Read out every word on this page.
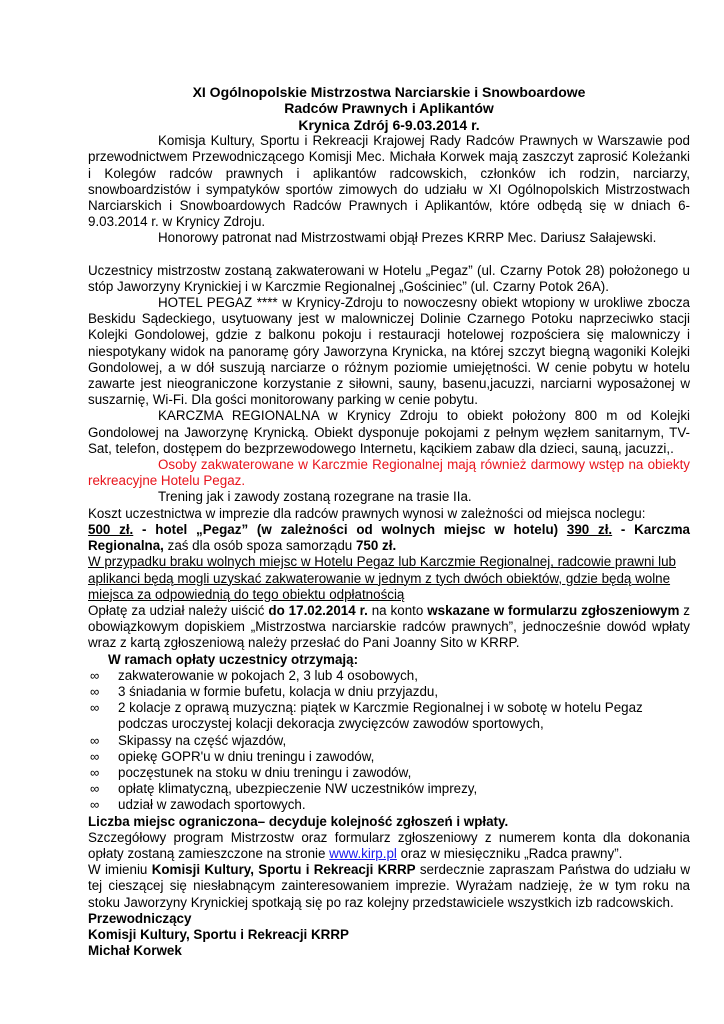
XI Ogólnopolskie Mistrzostwa Narciarskie i Snowboardowe
Radców Prawnych i Aplikantów
Krynica Zdrój 6-9.03.2014 r.

Komisja Kultury, Sportu i Rekreacji Krajowej Rady Radców Prawnych w Warszawie pod przewodnictwem Przewodniczącego Komisji Mec. Michała Korwek mają zaszczyt zaprosić Koleżanki i Kolegów radców prawnych i aplikantów radcowskich, członków ich rodzin, narciarzy, snowboardzistów i sympatyków sportów zimowych do udziału w XI Ogólnopolskich Mistrzostwach Narciarskich i Snowboardowych Radców Prawnych i Aplikantów, które odbędą się w dniach 6- 9.03.2014 r. w Krynicy Zdroju.

Honorowy patronat nad Mistrzostwami objął Prezes KRRP Mec. Dariusz Sałajewski.

Uczestnicy mistrzostw zostaną zakwaterowani w Hotelu „Pegaz” (ul. Czarny Potok 28) położonego u stóp Jaworzyny Krynickiej i w Karczmie Regionalnej „Gościniec” (ul. Czarny Potok 26A).

HOTEL PEGAZ **** w Krynicy-Zdroju to nowoczesny obiekt wtopiony w urokliwe zbocza Beskidu Sądeckiego, usytuowany jest w malowniczej Dolinie Czarnego Potoku naprzeciwko stacji Kolejki Gondolowej, gdzie z balkonu pokoju i restauracji hotelowej rozpościera się malowniczy i niespotykany widok na panoramę góry Jaworzyna Krynicka, na której szczyt biegną wagoniki Kolejki Gondolowej, a w dół suszują narciarze o różnym poziomie umiejętności. W cenie pobytu w hotelu zawarte jest nieograniczone korzystanie z siłowni, sauny, basenu,jacuzzi, narciarni wyposażonej w suszarnię, Wi-Fi. Dla gości monitorowany parking w cenie pobytu.

KARCZMA REGIONALNA w Krynicy Zdroju to obiekt położony 800 m od Kolejki Gondolowej na Jaworzynę Krynicką. Obiekt dysponuje pokojami z pełnym węzłem sanitarnym, TV-Sat, telefon, dostępem do bezprzewodowego Internetu, kącikiem zabaw dla dzieci, sauną, jacuzzi,.

Osoby zakwaterowane w Karczmie Regionalnej mają również darmowy wstęp na obiekty rekreacyjne Hotelu Pegaz.

Trening jak i zawody zostaną rozegrane na trasie IIa.

Koszt uczestnictwa w imprezie dla radców prawnych wynosi w zależności od miejsca noclegu:

500 zł. - hotel „Pegaz” (w zależności od wolnych miejsc w hotelu) 390 zł. - Karczma Regionalna, zaś dla osób spoza samorządu 750 zł.

W przypadku braku wolnych miejsc w Hotelu Pegaz lub Karczmie Regionalnej, radcowie prawni lub aplikanci będą mogli uzyskać zakwaterowanie w jednym z tych dwóch obiektów, gdzie będą wolne miejsca za odpowiednią do tego obiektu odpłatnością

Opłatę za udział należy uiścić do 17.02.2014 r. na konto wskazane w formularzu zgłoszeniowym z obowiązkowym dopiskiem „Mistrzostwa narciarskie radców prawnych”, jednocześnie dowód wpłaty wraz z kartą zgłoszeniową należy przesłać do Pani Joanny Sito w KRRP.

W ramach opłaty uczestnicy otrzymają:

∞ zakwaterowanie w pokojach 2, 3 lub 4 osobowych,
∞ 3 śniadania w formie bufetu, kolacja w dniu przyjazdu,
∞ 2 kolacje z oprawą muzyczną: piątek w Karczmie Regionalnej i w sobotę w hotelu Pegaz podczas uroczystej kolacji dekoracja zwycięzców zawodów sportowych,
∞ Skipassy na część wjazdów,
∞ opiekę GOPR'u w dniu treningu i zawodów,
∞ poczęstunek na stoku w dniu treningu i zawodów,
∞ opłatę klimatyczną, ubezpieczenie NW uczestników imprezy,
∞ udział w zawodach sportowych.

Liczba miejsc ograniczona– decyduje kolejność zgłoszeń i wpłaty.

Szczegółowy program Mistrzostw oraz formularz zgłoszeniowy z numerem konta dla dokonania opłaty zostaną zamieszczone na stronie www.kirp.pl oraz w miesięczniku „Radca prawny”.

W imieniu Komisji Kultury, Sportu i Rekreacji KRRP serdecznie zapraszam Państwa do udziału w tej cieszącej się niesłabnącym zainteresowaniem imprezie. Wyrażam nadzieję, że w tym roku na stoku Jaworzyny Krynickiej spotkają się po raz kolejny przedstawiciele wszystkich izb radcowskich.

Przewodniczący
Komisji Kultury, Sportu i Rekreacji KRRP
Michał Korwek
